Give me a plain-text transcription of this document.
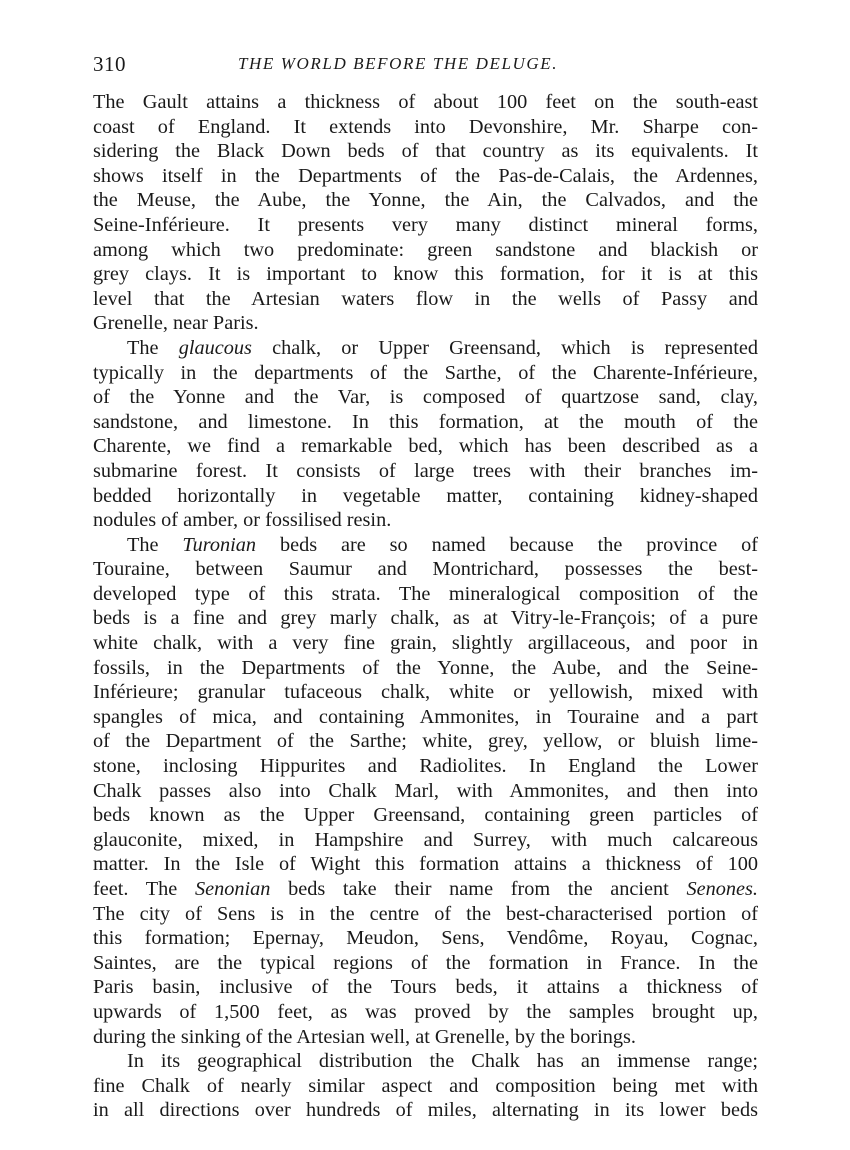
310	THE WORLD BEFORE THE DELUGE.
The Gault attains a thickness of about 100 feet on the south-east
coast of England. It extends into Devonshire, Mr. Sharpe con-
sidering the Black Down beds of that country as its equivalents. It
shows itself in the Departments of the Pas-de-Calais, the Ardennes,
the Meuse, the Aube, the Yonne, the Ain, the Calvados, and the
Seine-Inférieure. It presents very many distinct mineral forms,
among which two predominate: green sandstone and blackish or
grey clays. It is important to know this formation, for it is at this
level that the Artesian waters flow in the wells of Passy and
Grenelle, near Paris.
The glaucous chalk, or Upper Greensand, which is represented
typically in the departments of the Sarthe, of the Charente-Inférieure,
of the Yonne and the Var, is composed of quartzose sand, clay,
sandstone, and limestone. In this formation, at the mouth of the
Charente, we find a remarkable bed, which has been described as a
submarine forest. It consists of large trees with their branches im-
bedded horizontally in vegetable matter, containing kidney-shaped
nodules of amber, or fossilised resin.
The Turonian beds are so named because the province of
Touraine, between Saumur and Montrichard, possesses the best-
developed type of this strata. The mineralogical composition of the
beds is a fine and grey marly chalk, as at Vitry-le-François; of a pure
white chalk, with a very fine grain, slightly argillaceous, and poor in
fossils, in the Departments of the Yonne, the Aube, and the Seine-
Inférieure; granular tufaceous chalk, white or yellowish, mixed with
spangles of mica, and containing Ammonites, in Touraine and a part
of the Department of the Sarthe; white, grey, yellow, or bluish lime-
stone, inclosing Hippurites and Radiolites. In England the Lower
Chalk passes also into Chalk Marl, with Ammonites, and then into
beds known as the Upper Greensand, containing green particles of
glauconite, mixed, in Hampshire and Surrey, with much calcareous
matter. In the Isle of Wight this formation attains a thickness of 100
feet. The Senonian beds take their name from the ancient Senones.
The city of Sens is in the centre of the best-characterised portion of
this formation; Epernay, Meudon, Sens, Vendôme, Royau, Cognac,
Saintes, are the typical regions of the formation in France. In the
Paris basin, inclusive of the Tours beds, it attains a thickness of
upwards of 1,500 feet, as was proved by the samples brought up,
during the sinking of the Artesian well, at Grenelle, by the borings.
In its geographical distribution the Chalk has an immense range;
fine Chalk of nearly similar aspect and composition being met with
in all directions over hundreds of miles, alternating in its lower beds
